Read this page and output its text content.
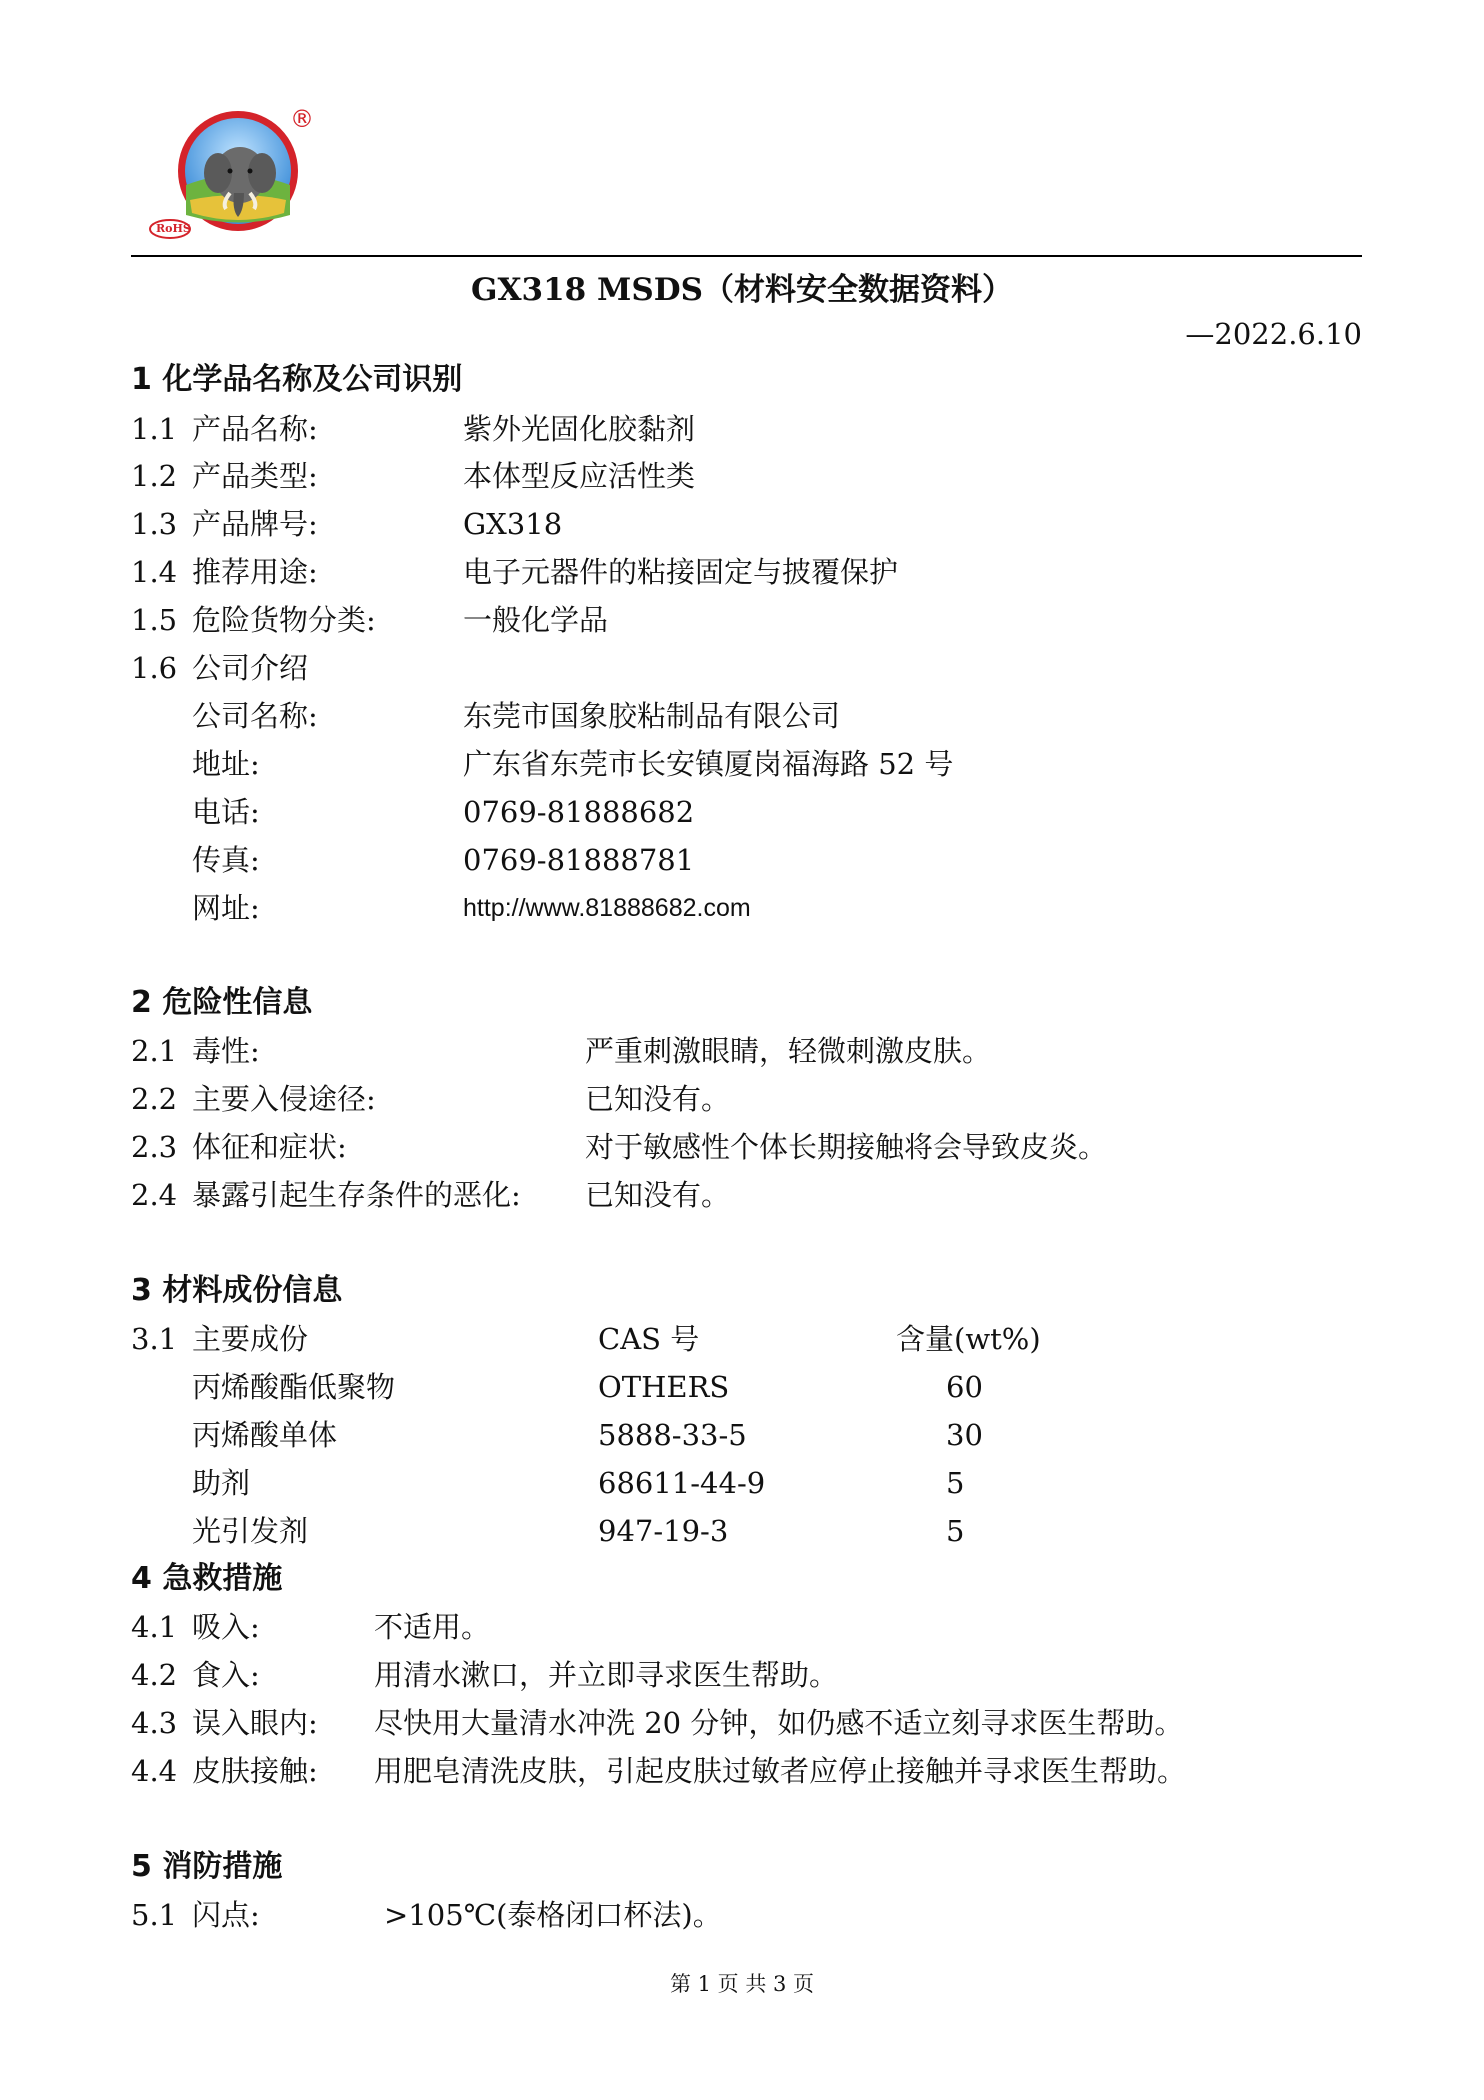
RoHS
®
GX318 MSDS（材料安全数据资料）
—2022.6.10
1 化学品名称及公司识别
1.1 产品名称:	紫外光固化胶黏剂
1.2 产品类型:	本体型反应活性类
1.3 产品牌号:	GX318
1.4 推荐用途:	电子元器件的粘接固定与披覆保护
1.5 危险货物分类:	一般化学品
1.6 公司介绍
公司名称:	东莞市国象胶粘制品有限公司
地址:	广东省东莞市长安镇厦岗福海路 52 号
电话:	0769-81888682
传真:	0769-81888781
网址:	http://www.81888682.com
2 危险性信息
2.1 毒性:	严重刺激眼睛，轻微刺激皮肤。
2.2 主要入侵途径:	已知没有。
2.3 体征和症状:	对于敏感性个体长期接触将会导致皮炎。
2.4 暴露引起生存条件的恶化: 已知没有。
3 材料成份信息
3.1 主要成份	CAS 号	含量(wt%)
丙烯酸酯低聚物	OTHERS	60
丙烯酸单体	5888-33-5	30
助剂	68611-44-9	5
光引发剂	947-19-3	5
4 急救措施
4.1 吸入:	不适用。
4.2 食入:	用清水漱口，并立即寻求医生帮助。
4.3 误入眼内: 尽快用大量清水冲洗 20 分钟，如仍感不适立刻寻求医生帮助。
4.4 皮肤接触: 用肥皂清洗皮肤，引起皮肤过敏者应停止接触并寻求医生帮助。
5 消防措施
5.1 闪点:	>105℃(泰格闭口杯法)。
第 1 页 共 3 页
